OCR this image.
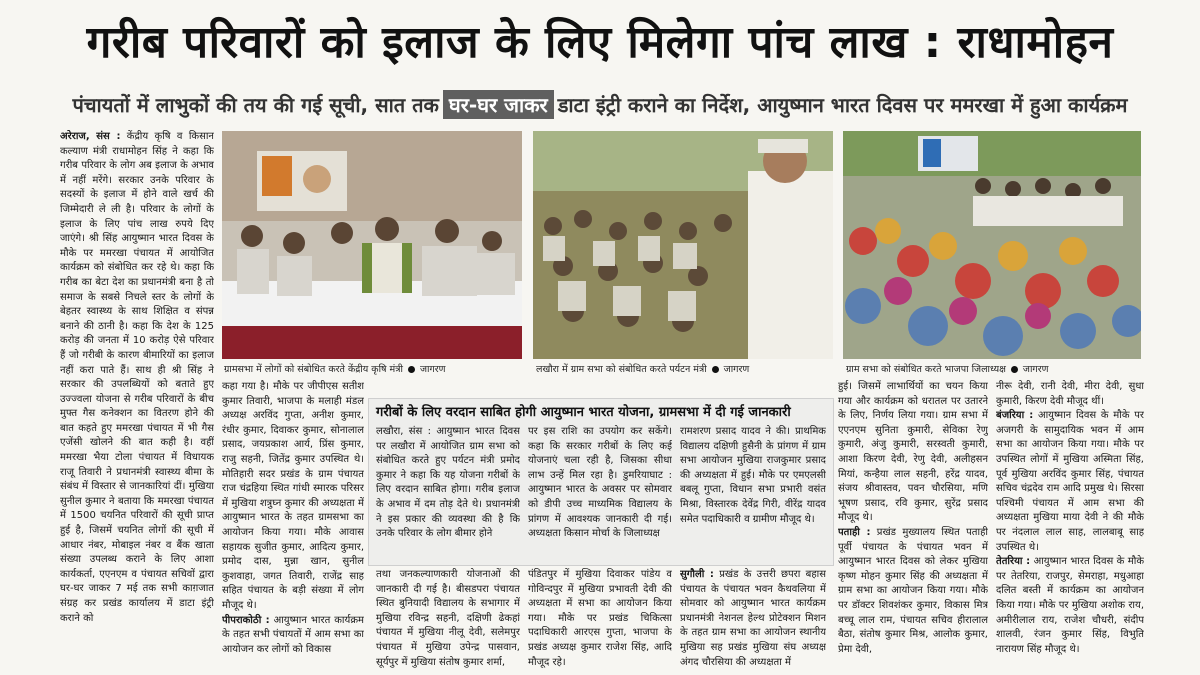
गरीब परिवारों को इलाज के लिए मिलेगा पांच लाख : राधामोहन
पंचायतों में लाभुकों की तय की गई सूची, सात तक घर-घर जाकर डाटा इंट्री कराने का निर्देश, आयुष्मान भारत दिवस पर ममरखा में हुआ कार्यक्रम

अरेराज, संस : केंद्रीय कृषि व किसान कल्याण मंत्री राधामोहन सिंह ने कहा कि गरीब परिवार के लोग अब इलाज के अभाव में नहीं मरेंगे। सरकार उनके परिवार के सदस्यों के इलाज में होने वाले खर्च की जिम्मेदारी ले ली है। परिवार के लोगों के इलाज के लिए पांच लाख रुपये दिए जाएंगे। श्री सिंह आयुष्मान भारत दिवस के मौके पर ममरखा पंचायत में आयोजित कार्यक्रम को संबोधित कर रहे थे। कहा कि गरीब का बेटा देश का प्रधानमंत्री बना है तो समाज के सबसे निचले स्तर के लोगों के बेहतर स्वास्थ्य के साथ शिक्षित व संपन्न बनाने की ठानी है। कहा कि देश के 125 करोड़ की जनता में 10 करोड़ ऐसे परिवार हैं जो गरीबी के कारण बीमारियों का इलाज नहीं करा पाते हैं। साथ ही श्री सिंह ने सरकार की उपलब्धियों को बताते हुए उज्ज्वला योजना से गरीब परिवारों के बीच मुफ्त गैस कनेक्शन का वितरण होने की बात कहते हुए ममरखा पंचायत में भी गैस एजेंसी खोलने की बात कही है। वहीं ममरखा भैया टोला पंचायत में विधायक राजू तिवारी ने प्रधानमंत्री स्वास्थ्य बीमा के संबंध में विस्तार से जानकारियां दीं। मुखिया सुनील कुमार ने बताया कि ममरखा पंचायत में 1500 चयनित परिवारों की सूची प्राप्त हुई है, जिसमें चयनित लोगों की सूची में आधार नंबर, मोबाइल नंबर व बैंक खाता संख्या उपलब्ध कराने के लिए आशा कार्यकर्ता, एएनएम व पंचायत सचिवों द्वारा घर-घर जाकर 7 मई तक सभी काग़जात संग्रह कर प्रखंड कार्यालय में डाटा इंट्री कराने को

ग्रामसभा में लोगों को संबोधित करते केंद्रीय कृषि मंत्री जागरण	लखौरा में ग्राम सभा को संबोधित करते पर्यटन मंत्री जागरण	ग्राम सभा को संबोधित करते भाजपा जिलाध्यक्ष जागरण

कहा गया है। मौके पर जीपीएस सतीश कुमार तिवारी, भाजपा के मलाही मंडल अध्यक्ष अरविंद गुप्ता, अनीश कुमार, रंधीर कुमार, दिवाकर कुमार, सोनालाल प्रसाद, जयप्रकाश आर्य, प्रिंस कुमार, राजु सहनी, जितेंद्र कुमार उपस्थित थे। मोतिहारी सदर प्रखंड के ग्राम पंचायत राज चंद्रहिया स्थित गांधी स्मारक परिसर में मुखिया शत्रुघ्न कुमार की अध्यक्षता में आयुष्मान भारत के तहत ग्रामसभा का आयोजन किया गया। मौके आवास सहायक सुजीत कुमार, आदित्य कुमार, प्रमोद दास, मुन्ना खान, सुनील कुशवाहा, जगत तिवारी, राजेंद्र साह सहित पंचायत के बड़ी संख्या में लोग मौजूद थे।

पीपराकोठी : आयुष्मान भारत कार्यक्रम के तहत सभी पंचायतों में आम सभा का आयोजन कर लोगों को विकास

गरीबों के लिए वरदान साबित होगी आयुष्मान भारत योजना, ग्रामसभा में दी गई जानकारी

लखौरा, संस : आयुष्मान भारत दिवस पर लखौरा में आयोजित ग्राम सभा को संबोधित करते हुए पर्यटन मंत्री प्रमोद कुमार ने कहा कि यह योजना गरीबों के लिए वरदान साबित होगा। गरीब इलाज के अभाव में दम तोड़ देते थे। प्रधानमंत्री ने इस प्रकार की व्यवस्था की है कि उनके परिवार के लोग बीमार होने

पर इस राशि का उपयोग कर सकेंगे। कहा कि सरकार गरीबों के लिए कई योजनाएं चला रही है, जिसका सीधा लाभ उन्हें मिल रहा है। डुमरियाघाट : आयुष्मान भारत के अवसर पर सोमवार को डीपी उच्च माध्यमिक विद्यालय के प्रांगण में आवश्यक जानकारी दी गई। अध्यक्षता किसान मोर्चा के जिलाध्यक्ष

रामशरण प्रसाद यादव ने की। प्राथमिक विद्यालय दक्षिणी हुसैनी के प्रांगण में ग्राम सभा आयोजन मुखिया राजकुमार प्रसाद की अध्यक्षता में हुई। मौके पर एमएलसी बबलू गुप्ता, विधान सभा प्रभारी वसंत मिश्रा, विस्तारक देवेंद्र गिरी, वीरेंद्र यादव समेत पदाधिकारी व ग्रामीण मौजूद थे।

तथा जनकल्याणकारी योजनाओं की जानकारी दी गई है। बीसडपरा पंचायत स्थित बुनियादी विद्यालय के सभागार में मुखिया रविन्द्र सहनी, दक्षिणी ढेकहां पंचायत में मुखिया नीलू देवी, सलेमपुर पंचायत में मुखिया उपेन्द्र पासवान, सूर्यपुर में मुखिया संतोष कुमार शर्मा,

पंडितपुर में मुखिया दिवाकर पांडेय व गोविन्दपुर में मुखिया प्रभावती देवी की अध्यक्षता में सभा का आयोजन किया गया। मौके पर प्रखंड चिकित्सा पदाधिकारी आरएस गुप्ता, भाजपा के प्रखंड अध्यक्ष कुमार राजेश सिंह, आदि मौजूद रहे।

सुगौली : प्रखंड के उत्तरी छपरा बहास पंचायत के पंचायत भवन कैथवलिया में सोमवार को आयुष्मान भारत कार्यक्रम प्रधानमंत्री नेशनल हेल्थ प्रोटेक्शन मिशन के तहत ग्राम सभा का आयोजन स्थानीय मुखिया सह प्रखंड मुखिया संघ अध्यक्ष अंगद चौरसिया की अध्यक्षता में

हुई। जिसमें लाभार्थियों का चयन किया गया और कार्यक्रम को धरातल पर उतारने के लिए, निर्णय लिया गया। ग्राम सभा में एएनएम सुनिता कुमारी, सेविका रेणु कुमारी, अंजु कुमारी, सरस्वती कुमारी, आशा किरण देवी, रेणु देवी, अलीहसन मियां, कन्हैया लाल सहनी, हरेंद्र यादव, संजय श्रीवास्तव, पवन चौरसिया, मणि भूषण प्रसाद, रवि कुमार, सुरेंद्र प्रसाद मौजूद थे।

पताही : प्रखंड मुख्यालय स्थित पताही पूर्वी पंचायत के पंचायत भवन में आयुष्मान भारत दिवस को लेकर मुखिया कृष्ण मोहन कुमार सिंह की अध्यक्षता में ग्राम सभा का आयोजन किया गया। मौके पर डॉक्टर शिवशंकर कुमार, विकास मित्र बच्चू लाल राम, पंचायत सचिव हीरालाल बैठा, संतोष कुमार मिश्र, आलोक कुमार, प्रेमा देवी,

नीरू देवी, रानी देवी, मीरा देवी, सुधा कुमारी, किरण देवी मौजूद थीं।

बंजरिया : आयुष्मान दिवस के मौके पर अजगरी के सामुदायिक भवन में आम सभा का आयोजन किया गया। मौके पर उपस्थित लोगों में मुखिया अस्मिता सिंह, पूर्व मुखिया अरविंद कुमार सिंह, पंचायत सचिव चंद्रदेव राम आदि प्रमुख थे। सिरसा पश्चिमी पंचायत में आम सभा की अध्यक्षता मुखिया माया देवी ने की मौके पर नंदलाल लाल साह, लालबाबू साह उपस्थित थे।

तेतरिया : आयुष्मान भारत दिवस के मौके पर तेतरिया, राजपुर, सेमराहा, मधुआहा दलित बस्ती में कार्यक्रम का आयोजन किया गया। मौके पर मुखिया अशोक राय, अमीरीलाल राय, राजेश चौधरी, संदीप शालवी, रंजन कुमार सिंह, विभुति नारायण सिंह मौजूद थे।
